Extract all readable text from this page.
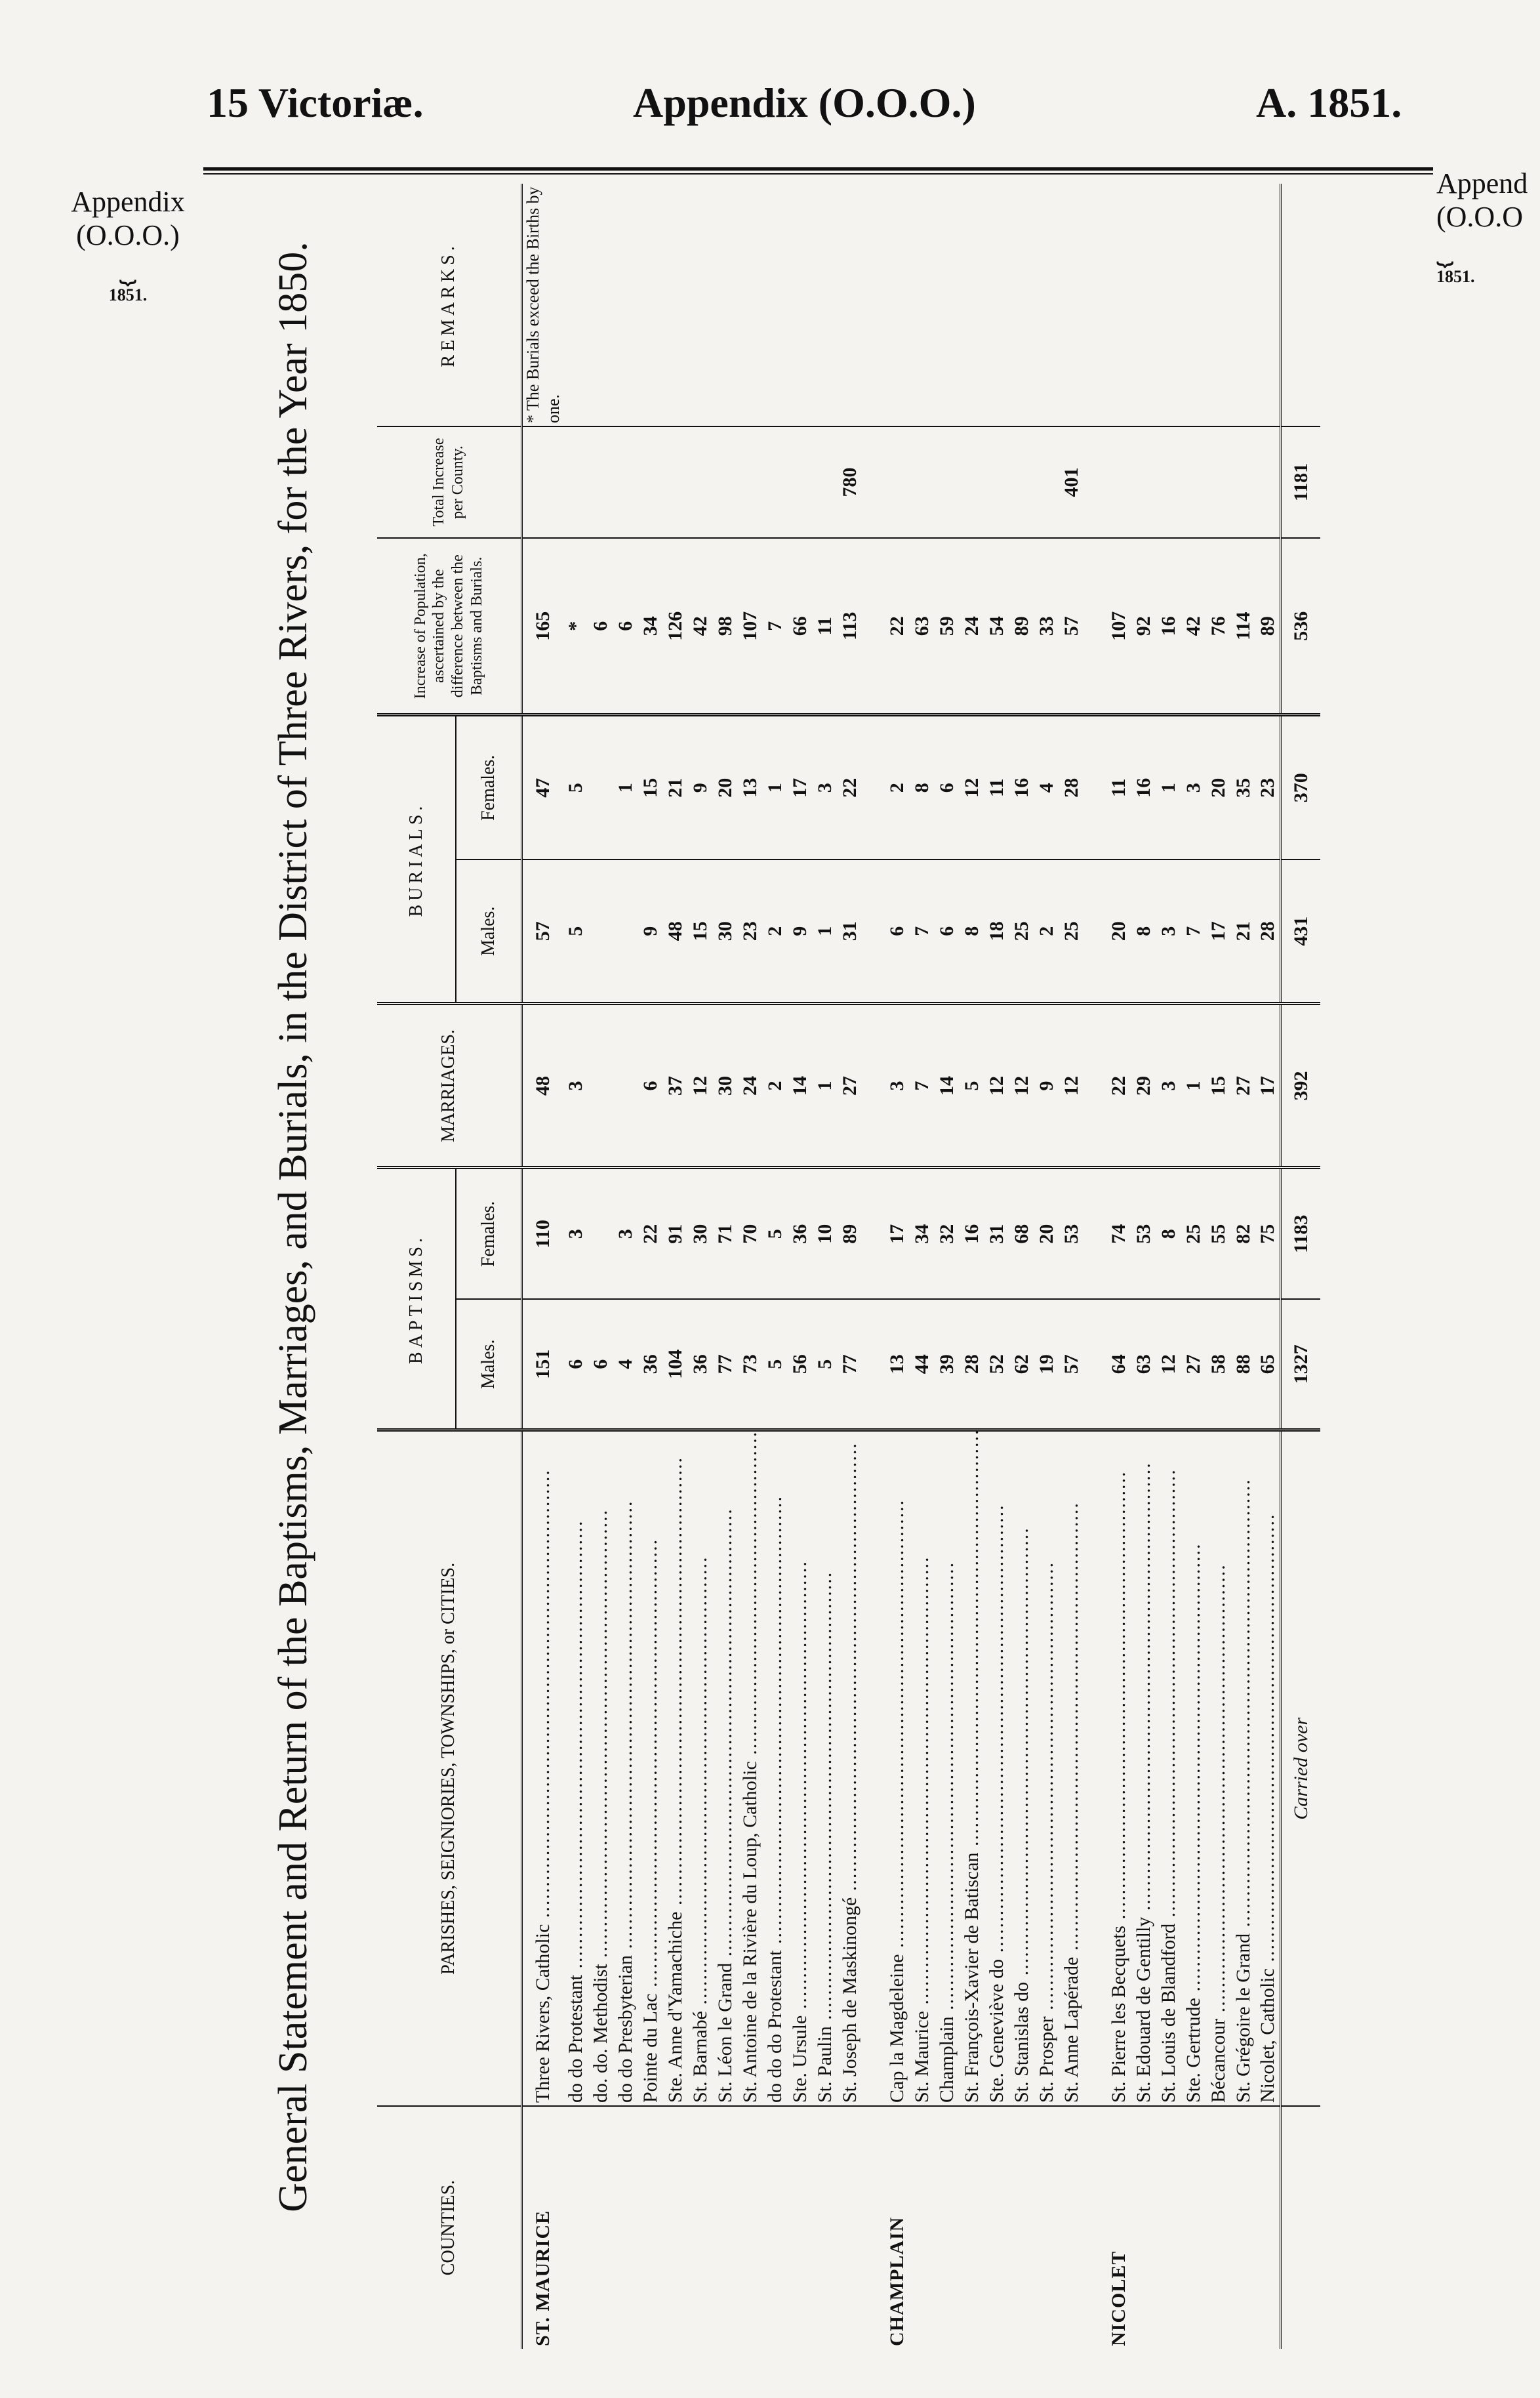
15 Victoriæ.	Appendix (O.O.O.)	A. 1851.
Appendix
(O.O.O.)
⏟
1851.
Append
(O.O.O
⏟
1851.
General Statement and Return of the Baptisms, Marriages, and Burials, in the District of Three Rivers, for the Year 1850.
COUNTIES.	PARISHES, SEIGNIORIES, TOWNSHIPS, or CITIES.	BAPTISMS.		MARRIAGES.	BURIALS.		Increase of Population, ascertained by the difference between the Baptisms and Burials.	Total Increase per County.	REMARKS.
		Males.	Females.		Males.	Females.			
ST. MAURICE	Three Rivers, Catholic .....	151	110	48	57	47	165		* The Burials exceed the Births by one.
	do do Protestant .....	6	3	3	5	5	*		
	do. do. Methodist .....	6					6		
	do do Presbyterian .....	4	3			1	6		
	Pointe du Lac .....	36	22	6	9	15	34		
	Ste. Anne d'Yamachiche .....	104	91	37	48	21	126		
	St. Barnabé .....	36	30	12	15	9	42		
	St. Léon le Grand .....	77	71	30	30	20	98		
	St. Antoine de la Rivière du Loup, Catholic .....	73	70	24	23	13	107		
	do do do Protestant .....	5	5	2	2	1	7		
	Ste. Ursule .....	56	36	14	9	17	66		
	St. Paulin .....	5	10	1	1	3	11		
	St. Joseph de Maskinongé .....	77	89	27	31	22	113	780	

CHAMPLAIN	Cap la Magdeleine .....	13	17	3	6	2	22		
	St. Maurice .....	44	34	7	7	8	63		
	Champlain .....	39	32	14	6	6	59		
	St. François-Xavier de Batiscan .....	28	16	5	8	12	24		
	Ste. Geneviève do .....	52	31	12	18	11	54		
	St. Stanislas do .....	62	68	12	25	16	89		
	St. Prosper .....	19	20	9	2	4	33		
	St. Anne Lapérade .....	57	53	12	25	28	57	401	

NICOLET	St. Pierre les Becquets .....	64	74	22	20	11	107		
	St. Edouard de Gentilly .....	63	53	29	8	16	92		
	St. Louis de Blandford .....	12	8	3	3	1	16		
	Ste. Gertrude .....	27	25	1	7	3	42		
	Bécancour .....	58	55	15	17	20	76		
	St. Grégoire le Grand .....	88	82	27	21	35	114		
	Nicolet, Catholic .....	65	75	17	28	23	89		
	Carried over	1327	1183	392	431	370	536	1181	
